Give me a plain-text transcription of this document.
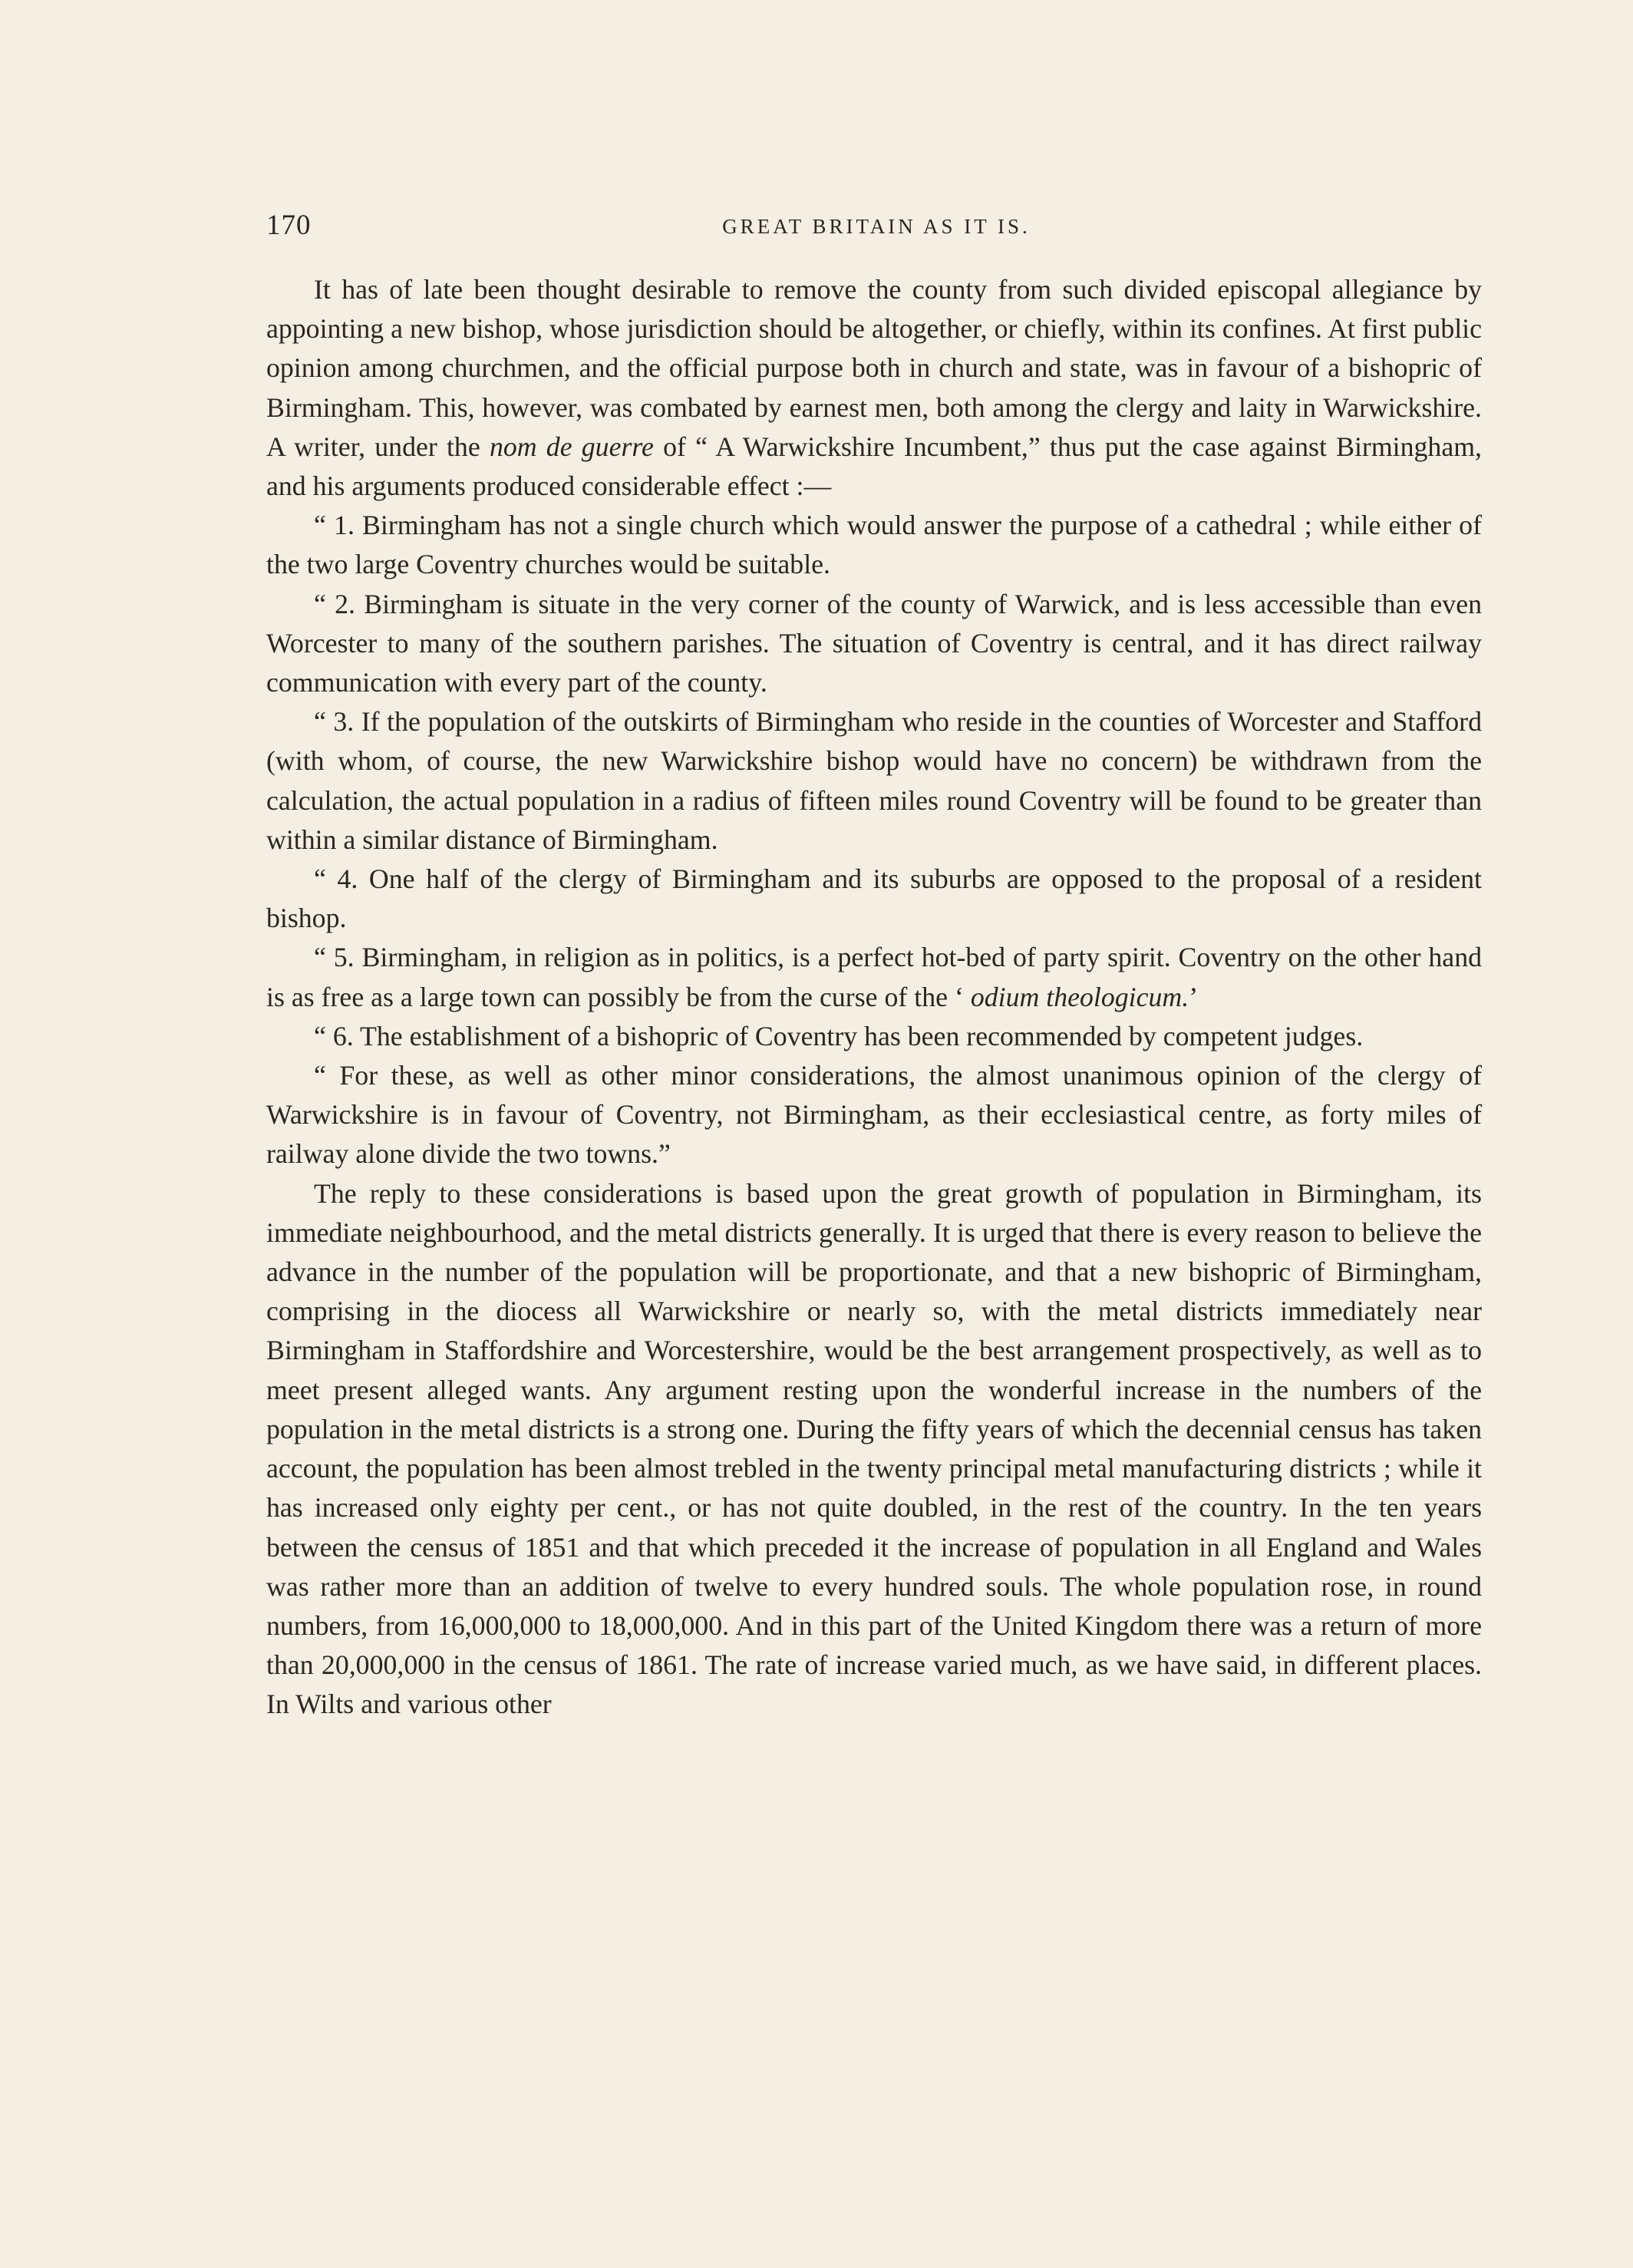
170	GREAT BRITAIN AS IT IS.

It has of late been thought desirable to remove the county from such divided episcopal allegiance by appointing a new bishop, whose jurisdiction should be altogether, or chiefly, within its confines. At first public opinion among churchmen, and the official purpose both in church and state, was in favour of a bishopric of Birmingham. This, however, was combated by earnest men, both among the clergy and laity in Warwickshire. A writer, under the nom de guerre of “ A Warwickshire Incumbent,” thus put the case against Birmingham, and his arguments produced considerable effect :—

“ 1. Birmingham has not a single church which would answer the purpose of a cathedral ; while either of the two large Coventry churches would be suitable.

“ 2. Birmingham is situate in the very corner of the county of Warwick, and is less accessible than even Worcester to many of the southern parishes. The situation of Coventry is central, and it has direct railway communication with every part of the county.

“ 3. If the population of the outskirts of Birmingham who reside in the counties of Worcester and Stafford (with whom, of course, the new Warwickshire bishop would have no concern) be withdrawn from the calculation, the actual population in a radius of fifteen miles round Coventry will be found to be greater than within a similar distance of Birmingham.

“ 4. One half of the clergy of Birmingham and its suburbs are opposed to the proposal of a resident bishop.

“ 5. Birmingham, in religion as in politics, is a perfect hot-bed of party spirit. Coventry on the other hand is as free as a large town can possibly be from the curse of the ‘ odium theologicum.’

“ 6. The establishment of a bishopric of Coventry has been recommended by competent judges.

“ For these, as well as other minor considerations, the almost unanimous opinion of the clergy of Warwickshire is in favour of Coventry, not Birmingham, as their ecclesiastical centre, as forty miles of railway alone divide the two towns.”

The reply to these considerations is based upon the great growth of population in Birmingham, its immediate neighbourhood, and the metal districts generally. It is urged that there is every reason to believe the advance in the number of the population will be proportionate, and that a new bishopric of Birmingham, comprising in the diocess all Warwickshire or nearly so, with the metal districts immediately near Birmingham in Staffordshire and Worcestershire, would be the best arrangement prospectively, as well as to meet present alleged wants. Any argument resting upon the wonderful increase in the numbers of the population in the metal districts is a strong one. During the fifty years of which the decennial census has taken account, the population has been almost trebled in the twenty principal metal manufacturing districts ; while it has increased only eighty per cent., or has not quite doubled, in the rest of the country. In the ten years between the census of 1851 and that which preceded it the increase of population in all England and Wales was rather more than an addition of twelve to every hundred souls. The whole population rose, in round numbers, from 16,000,000 to 18,000,000. And in this part of the United Kingdom there was a return of more than 20,000,000 in the census of 1861. The rate of increase varied much, as we have said, in different places. In Wilts and various other
